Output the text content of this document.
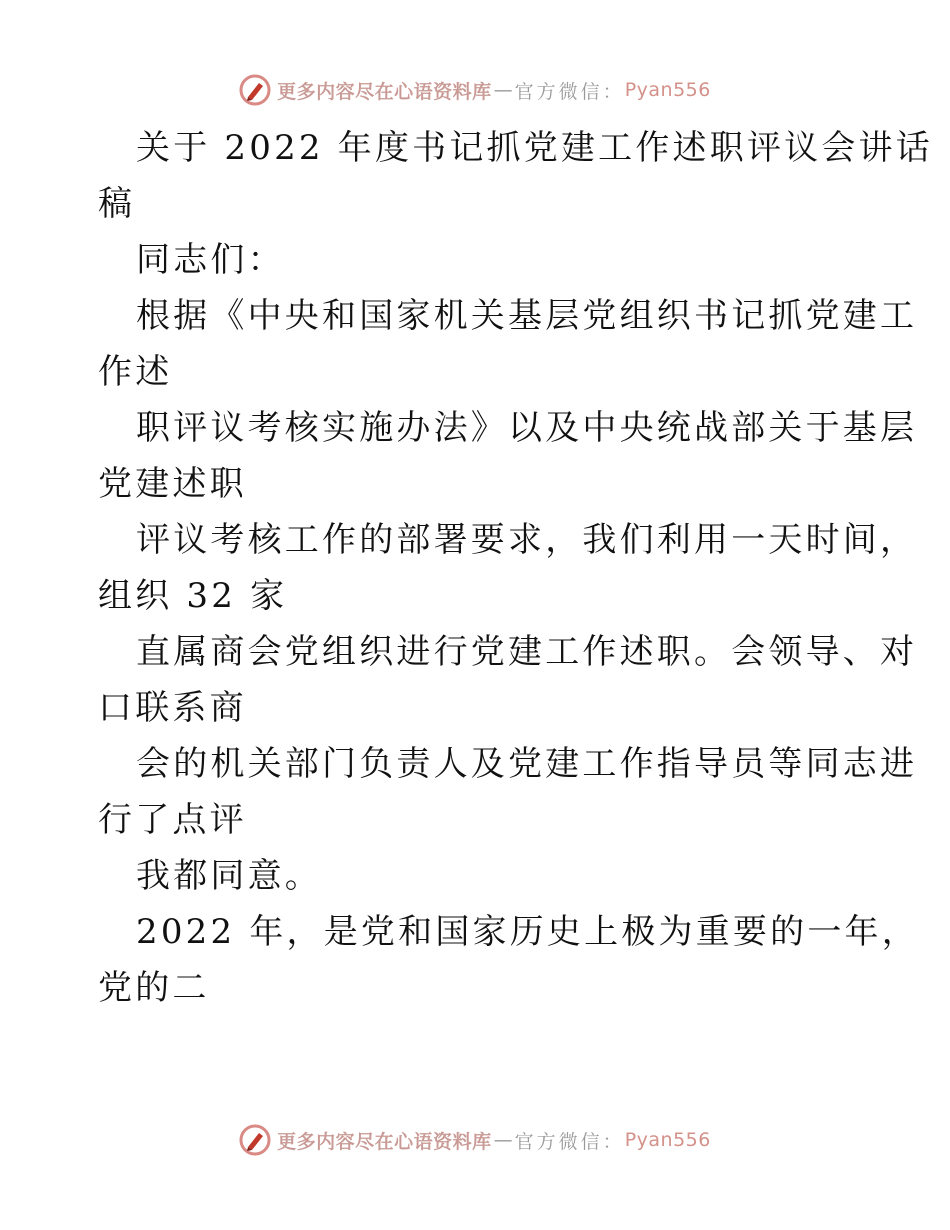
更多内容尽在心语资料库 — 官方微信： Pyan556
关于 2022 年度书记抓党建工作述职评议会讲话
稿
同志们：
根据《中央和国家机关基层党组织书记抓党建工
作述
职评议考核实施办法》以及中央统战部关于基层
党建述职
评议考核工作的部署要求，我们利用一天时间，
组织 32 家
直属商会党组织进行党建工作述职。会领导、对
口联系商
会的机关部门负责人及党建工作指导员等同志进
行了点评
我都同意。
2022 年，是党和国家历史上极为重要的一年，
党的二
更多内容尽在心语资料库 — 官方微信： Pyan556
